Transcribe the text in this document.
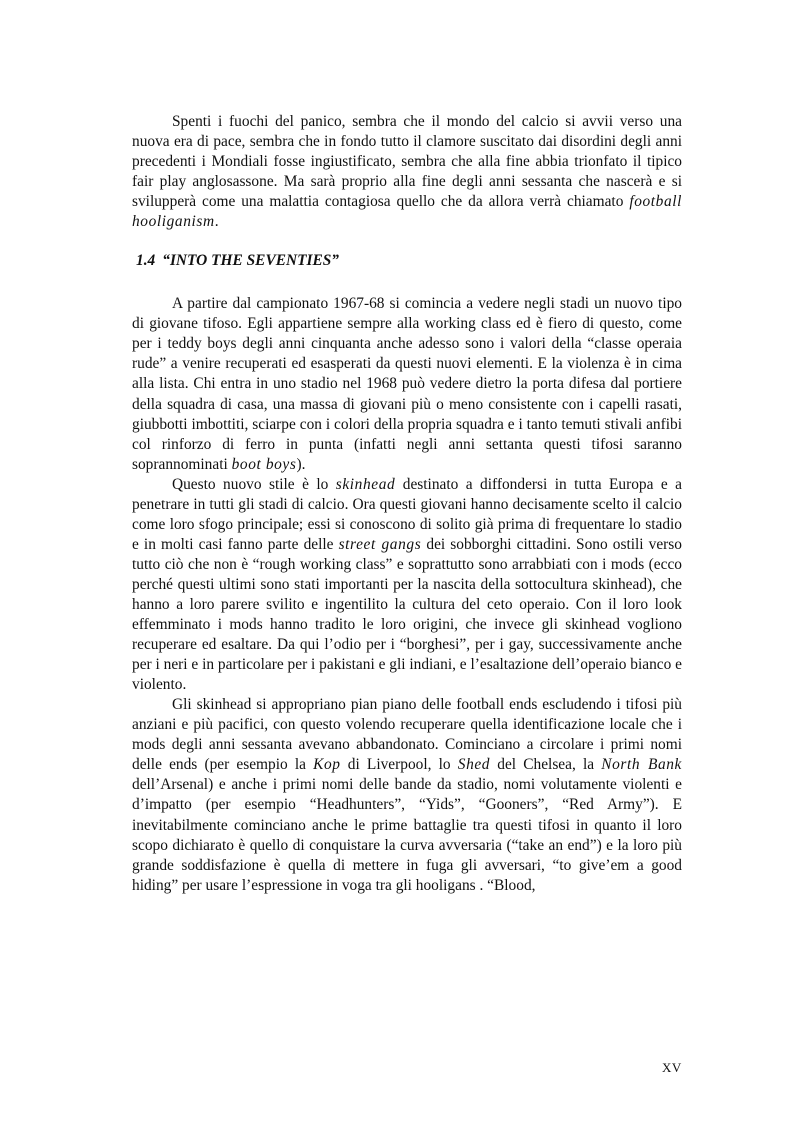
Spenti i fuochi del panico, sembra che il mondo del calcio si avvii verso una nuova era di pace, sembra che in fondo tutto il clamore suscitato dai disordini degli anni precedenti i Mondiali fosse ingiustificato, sembra che alla fine abbia trionfato il tipico fair play anglosassone. Ma sarà proprio alla fine degli anni sessanta che nascerà e si svilupperà come una malattia contagiosa quello che da allora verrà chiamato football hooliganism.

1.4 “INTO THE SEVENTIES”

A partire dal campionato 1967-68 si comincia a vedere negli stadi un nuovo tipo di giovane tifoso. Egli appartiene sempre alla working class ed è fiero di questo, come per i teddy boys degli anni cinquanta anche adesso sono i valori della “classe operaia rude” a venire recuperati ed esasperati da questi nuovi elementi. E la violenza è in cima alla lista. Chi entra in uno stadio nel 1968 può vedere dietro la porta difesa dal portiere della squadra di casa, una massa di giovani più o meno consistente con i capelli rasati, giubbotti imbottiti, sciarpe con i colori della propria squadra e i tanto temuti stivali anfibi col rinforzo di ferro in punta (infatti negli anni settanta questi tifosi saranno soprannominati boot boys).

Questo nuovo stile è lo skinhead destinato a diffondersi in tutta Europa e a penetrare in tutti gli stadi di calcio. Ora questi giovani hanno decisamente scelto il calcio come loro sfogo principale; essi si conoscono di solito già prima di frequentare lo stadio e in molti casi fanno parte delle street gangs dei sobborghi cittadini. Sono ostili verso tutto ciò che non è “rough working class” e soprattutto sono arrabbiati con i mods (ecco perché questi ultimi sono stati importanti per la nascita della sottocultura skinhead), che hanno a loro parere svilito e ingentilito la cultura del ceto operaio. Con il loro look effemminato i mods hanno tradito le loro origini, che invece gli skinhead vogliono recuperare ed esaltare. Da qui l’odio per i “borghesi”, per i gay, successivamente anche per i neri e in particolare per i pakistani e gli indiani, e l’esaltazione dell’operaio bianco e violento.

Gli skinhead si appropriano pian piano delle football ends escludendo i tifosi più anziani e più pacifici, con questo volendo recuperare quella identificazione locale che i mods degli anni sessanta avevano abbandonato. Cominciano a circolare i primi nomi delle ends (per esempio la Kop di Liverpool, lo Shed del Chelsea, la North Bank dell’Arsenal) e anche i primi nomi delle bande da stadio, nomi volutamente violenti e d’impatto (per esempio “Headhunters”, “Yids”, “Gooners”, “Red Army”). E inevitabilmente cominciano anche le prime battaglie tra questi tifosi in quanto il loro scopo dichiarato è quello di conquistare la curva avversaria (“take an end”) e la loro più grande soddisfazione è quella di mettere in fuga gli avversari, “to give’em a good hiding” per usare l’espressione in voga tra gli hooligans . “Blood,

XV
